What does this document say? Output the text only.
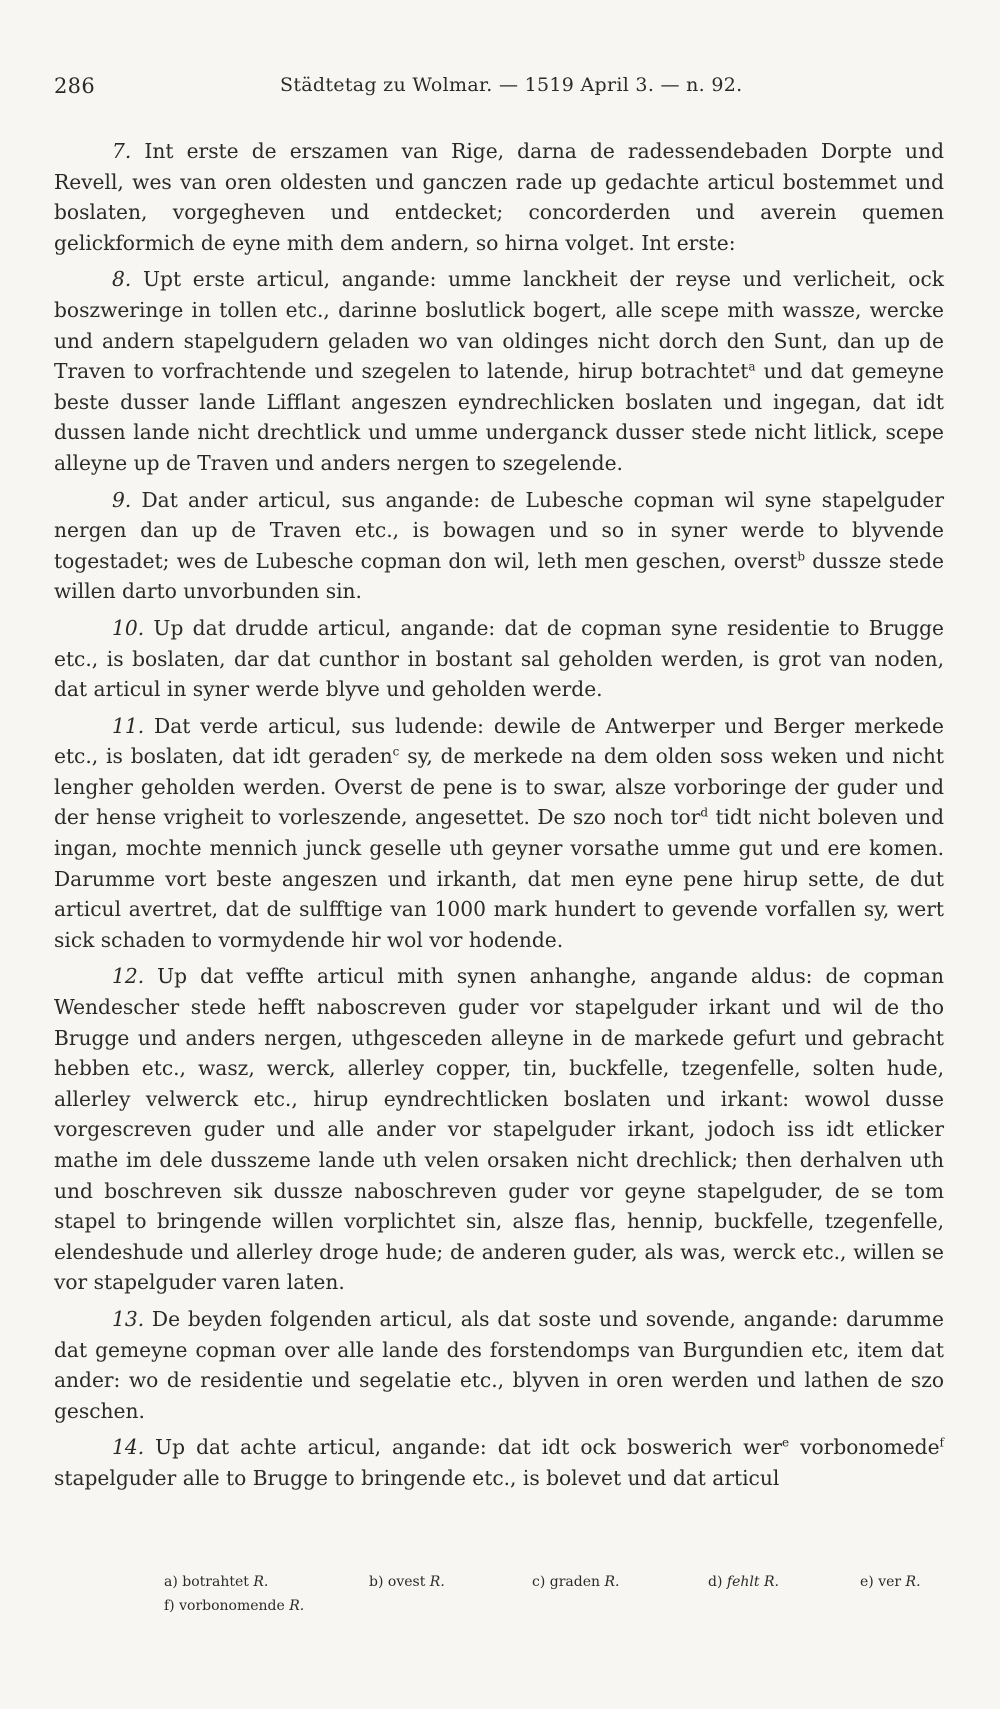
286	Städtetag zu Wolmar. — 1519 April 3. — n. 92.

7. Int erste de erszamen van Rige, darna de radessendebaden Dorpte und Revell, wes van oren oldesten und ganczen rade up gedachte articul bostemmet und boslaten, vorgegheven und entdecket; concorderden und averein quemen gelickformich de eyne mith dem andern, so hirna volget. Int erste:

8. Upt erste articul, angande: umme lanckheit der reyse und verlicheit, ock boszweringe in tollen etc., darinne boslutlick bogert, alle scepe mith wassze, wercke und andern stapelgudern geladen wo van oldinges nicht dorch den Sunt, dan up de Traven to vorfrachtende und szegelen to latende, hirup botrachtet$^a$ und dat gemeyne beste dusser lande Lifflant angeszen eyndrechlicken boslaten und ingegan, dat idt dussen lande nicht drechtlick und umme underganck dusser stede nicht litlick, scepe alleyne up de Traven und anders nergen to szegelende.

9. Dat ander articul, sus angande: de Lubesche copman wil syne stapelguder nergen dan up de Traven etc., is bowagen und so in syner werde to blyvende togestadet; wes de Lubesche copman don wil, leth men geschen, overst$^b$ dussze stede willen darto unvorbunden sin.

10. Up dat drudde articul, angande: dat de copman syne residentie to Brugge etc., is boslaten, dar dat cunthor in bostant sal geholden werden, is grot van noden, dat articul in syner werde blyve und geholden werde.

11. Dat verde articul, sus ludende: dewile de Antwerper und Berger merkede etc., is boslaten, dat idt geraden$^c$ sy, de merkede na dem olden soss weken und nicht lengher geholden werden. Overst de pene is to swar, alsze vorboringe der guder und der hense vrigheit to vorleszende, angesettet. De szo noch tor$^d$ tidt nicht boleven und ingan, mochte mennich junck geselle uth geyner vorsathe umme gut und ere komen. Darumme vort beste angeszen und irkanth, dat men eyne pene hirup sette, de dut articul avertret, dat de sulfftige van 1000 mark hundert to gevende vorfallen sy, wert sick schaden to vormydende hir wol vor hodende.

12. Up dat veffte articul mith synen anhanghe, angande aldus: de copman Wendescher stede hefft naboscreven guder vor stapelguder irkant und wil de tho Brugge und anders nergen, uthgesceden alleyne in de markede gefurt und gebracht hebben etc., wasz, werck, allerley copper, tin, buckfelle, tzegenfelle, solten hude, allerley velwerck etc., hirup eyndrechtlicken boslaten und irkant: wowol dusse vorgescreven guder und alle ander vor stapelguder irkant, jodoch iss idt etlicker mathe im dele dusszeme lande uth velen orsaken nicht drechlick; then derhalven uth und boschreven sik dussze naboschreven guder vor geyne stapelguder, de se tom stapel to bringende willen vorplichtet sin, alsze flas, hennip, buckfelle, tzegenfelle, elendeshude und allerley droge hude; de anderen guder, als was, werck etc., willen se vor stapelguder varen laten.

13. De beyden folgenden articul, als dat soste und sovende, angande: darumme dat gemeyne copman over alle lande des forstendomps van Burgundien etc, item dat ander: wo de residentie und segelatie etc., blyven in oren werden und lathen de szo geschen.

14. Up dat achte articul, angande: dat idt ock boswerich wer$^e$ vorbonomede$^f$ stapelguder alle to Brugge to bringende etc., is bolevet und dat articul

a) botrahtet R.	b) ovest R.	c) graden R.	d) fehlt R.	e) ver R.
f) vorbonomende R.
